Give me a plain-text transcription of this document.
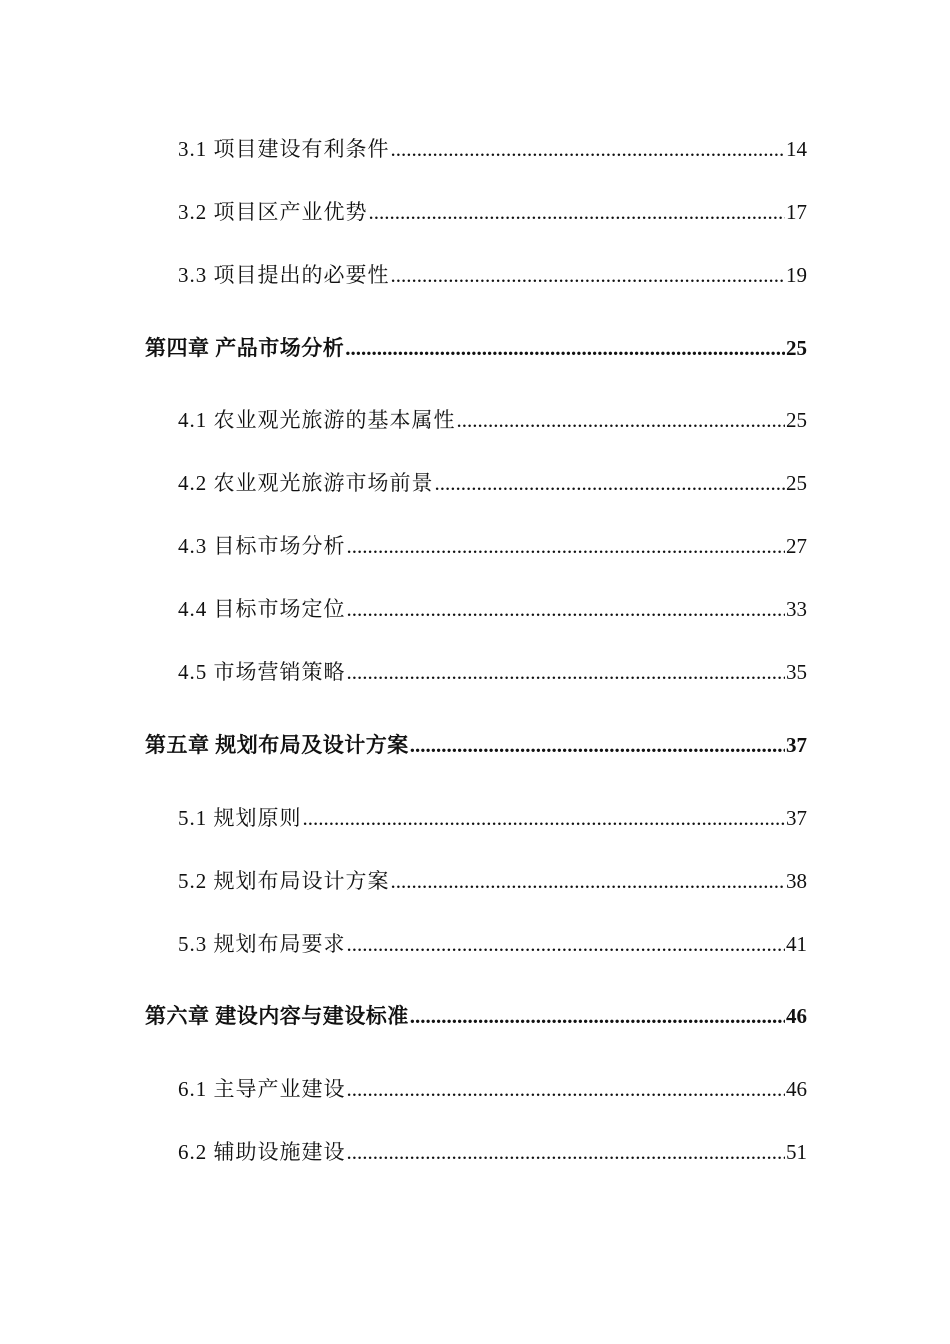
3.1 项目建设有利条件 .....	14
3.2 项目区产业优势 .....	17
3.3 项目提出的必要性 .....	19
第四章 产品市场分析 .....	25
4.1 农业观光旅游的基本属性 .....	25
4.2 农业观光旅游市场前景 .....	25
4.3 目标市场分析 .....	27
4.4 目标市场定位 .....	33
4.5 市场营销策略 .....	35
第五章 规划布局及设计方案 .....	37
5.1 规划原则 .....	37
5.2 规划布局设计方案 .....	38
5.3 规划布局要求 .....	41
第六章 建设内容与建设标准 .....	46
6.1 主导产业建设 .....	46
6.2 辅助设施建设 .....	51
